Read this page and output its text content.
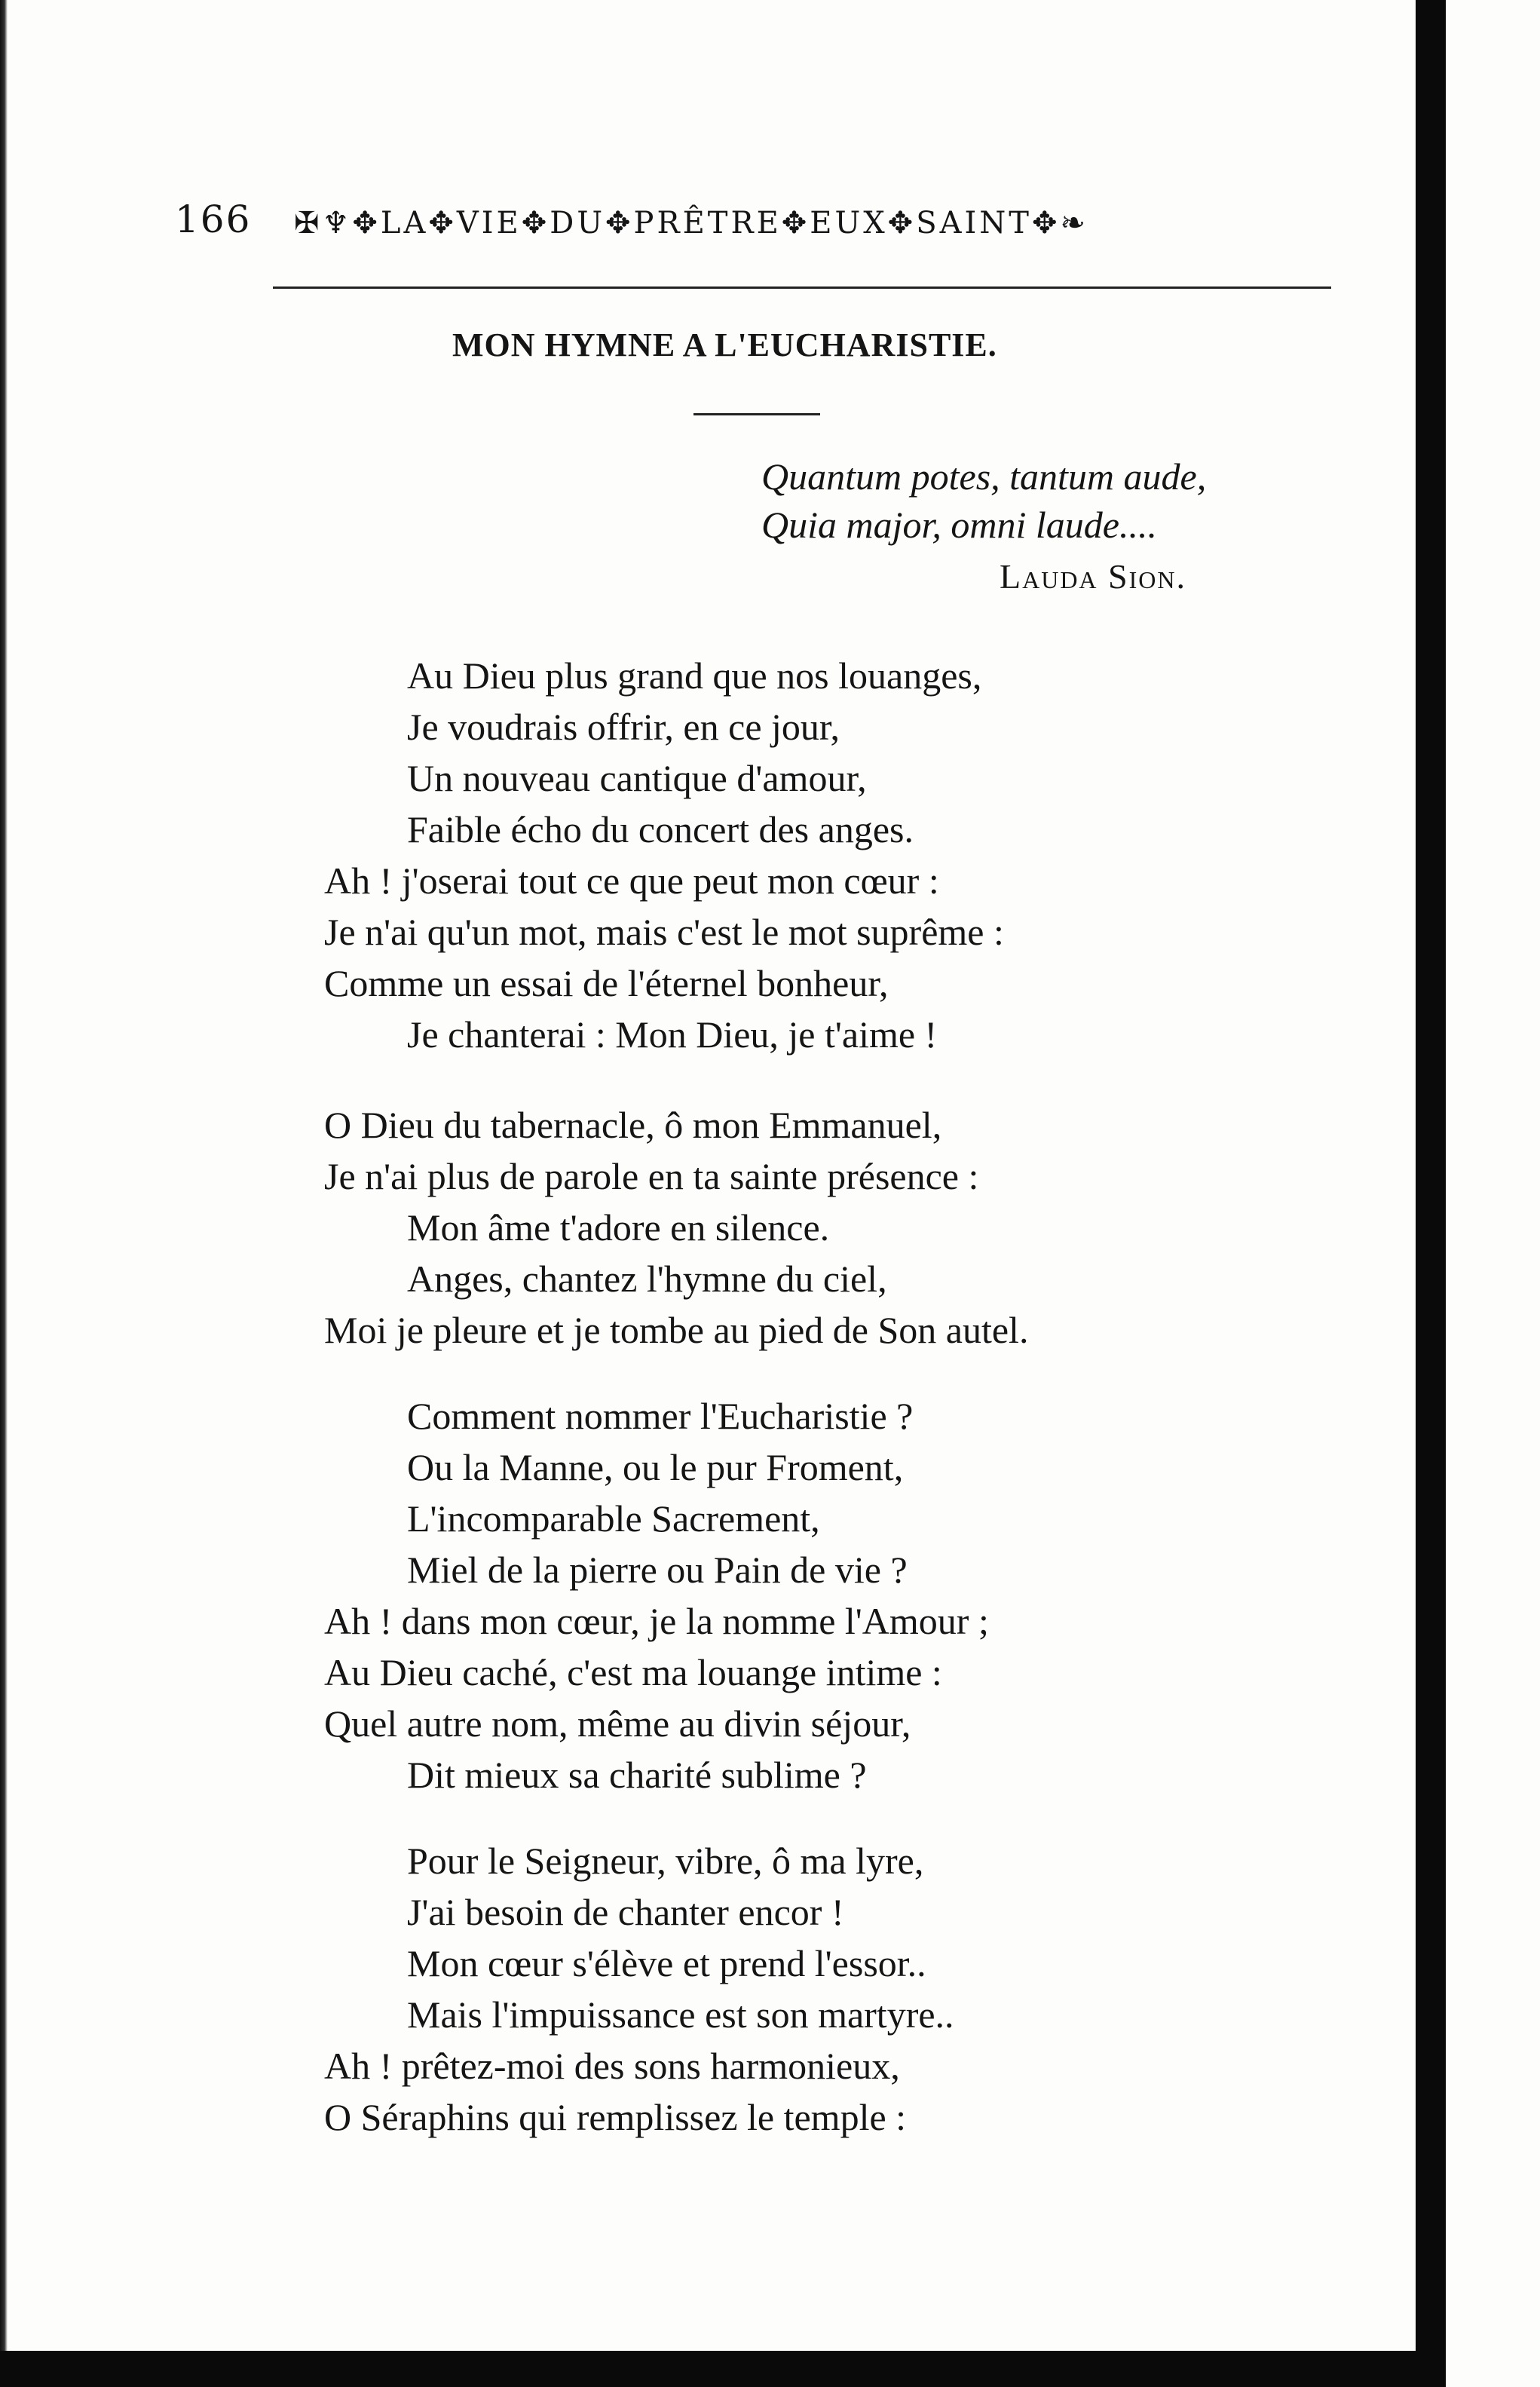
166 ✠♆✥LA✥VIE✥DU✥PRÊTRE✥EUX✥SAINT✥❧
MON HYMNE A L'EUCHARISTIE.
Quantum potes, tantum aude,
Quia major, omni laude....
Lauda Sion.
Au Dieu plus grand que nos louanges,
Je voudrais offrir, en ce jour,
Un nouveau cantique d'amour,
Faible écho du concert des anges.
Ah ! j'oserai tout ce que peut mon cœur :
Je n'ai qu'un mot, mais c'est le mot suprême :
Comme un essai de l'éternel bonheur,
Je chanterai : Mon Dieu, je t'aime !
O Dieu du tabernacle, ô mon Emmanuel,
Je n'ai plus de parole en ta sainte présence :
Mon âme t'adore en silence.
Anges, chantez l'hymne du ciel,
Moi je pleure et je tombe au pied de Son autel.
Comment nommer l'Eucharistie ?
Ou la Manne, ou le pur Froment,
L'incomparable Sacrement,
Miel de la pierre ou Pain de vie ?
Ah ! dans mon cœur, je la nomme l'Amour ;
Au Dieu caché, c'est ma louange intime :
Quel autre nom, même au divin séjour,
Dit mieux sa charité sublime ?
Pour le Seigneur, vibre, ô ma lyre,
J'ai besoin de chanter encor !
Mon cœur s'élève et prend l'essor..
Mais l'impuissance est son martyre..
Ah ! prêtez-moi des sons harmonieux,
O Séraphins qui remplissez le temple :
